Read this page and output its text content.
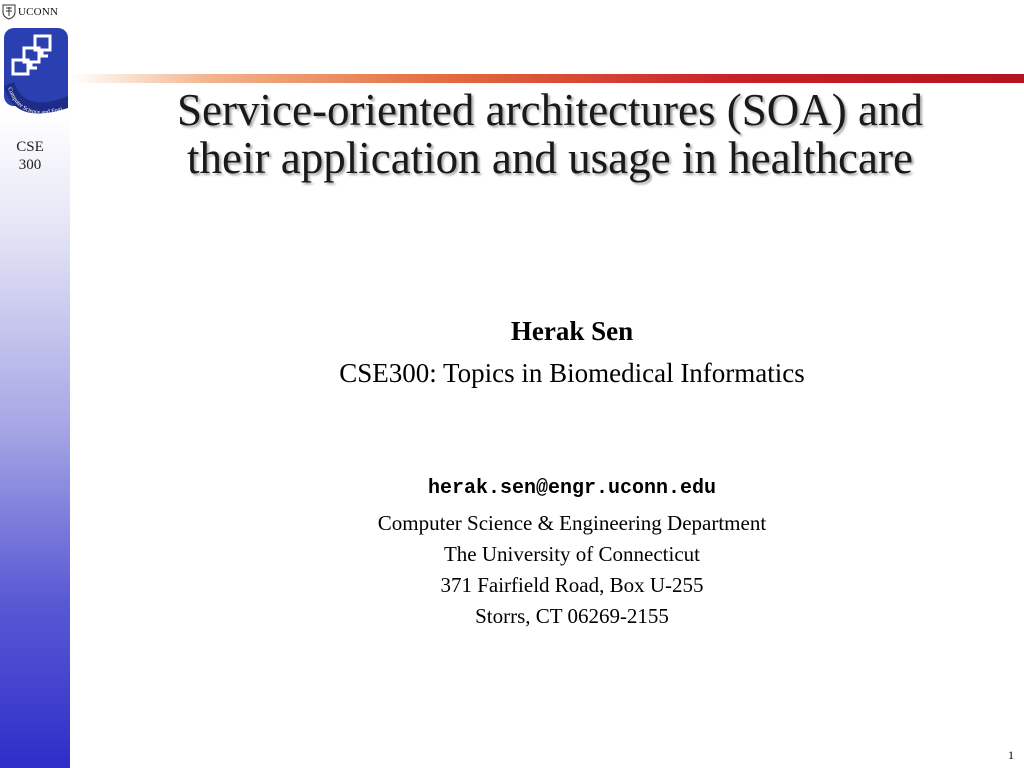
UCONN
Computer Science and Engi
CSE
300
Service-oriented architectures (SOA) and
their application and usage in healthcare
Herak Sen
CSE300: Topics in Biomedical Informatics
herak.sen@engr.uconn.edu
Computer Science & Engineering Department
The University of Connecticut
371 Fairfield Road, Box U-255
Storrs, CT 06269-2155
1
